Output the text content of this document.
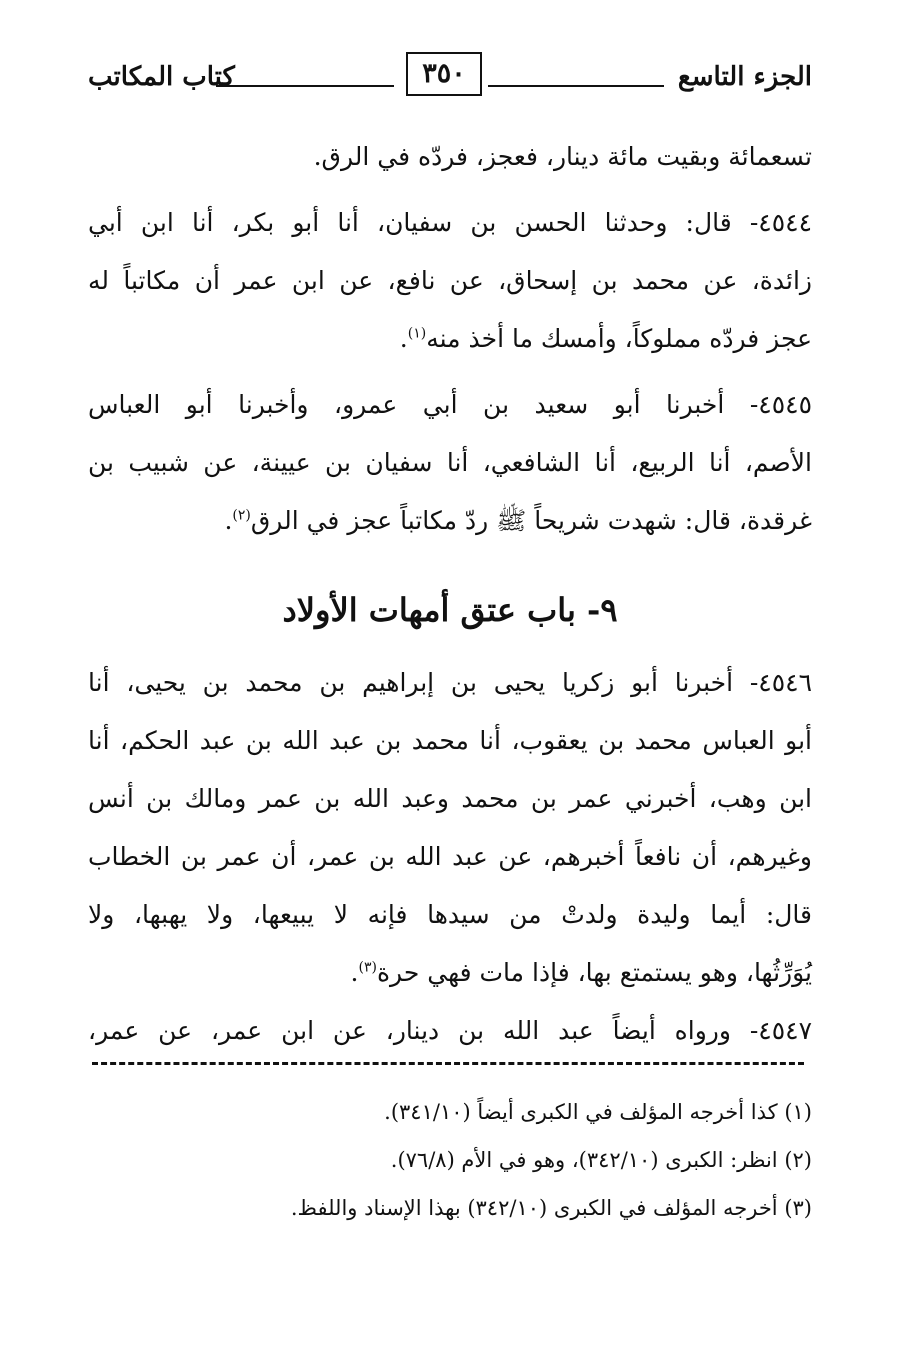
الجزء التاسع
٣٥٠
كتاب المكاتب
تسعمائة وبقيت مائة دينار، فعجز، فردّه في الرق.
٤٥٤٤- قال: وحدثنا الحسن بن سفيان، أنا أبو بكر، أنا ابن أبي
زائدة، عن محمد بن إسحاق، عن نافع، عن ابن عمر أن مكاتباً له
عجز فردّه مملوكاً، وأمسك ما أخذ منه$^{(١)}$.
٤٥٤٥- أخبرنا أبو سعيد بن أبي عمرو، وأخبرنا أبو العباس
الأصم، أنا الربيع، أنا الشافعي، أنا سفيان بن عيينة، عن شبيب بن
غرقدة، قال: شهدت شريحاً ﷺ ردّ مكاتباً عجز في الرق$^{(٢)}$.
٩- باب عتق أمهات الأولاد
٤٥٤٦- أخبرنا أبو زكريا يحيى بن إبراهيم بن محمد بن يحيى، أنا
أبو العباس محمد بن يعقوب، أنا محمد بن عبد الله بن عبد الحكم، أنا
ابن وهب، أخبرني عمر بن محمد وعبد الله بن عمر ومالك بن أنس
وغيرهم، أن نافعاً أخبرهم، عن عبد الله بن عمر، أن عمر بن الخطاب
قال: أيما وليدة ولدتْ من سيدها فإنه لا يبيعها، ولا يهبها، ولا
يُوَرِّثُها، وهو يستمتع بها، فإذا مات فهي حرة$^{(٣)}$.
٤٥٤٧- ورواه أيضاً عبد الله بن دينار، عن ابن عمر، عن عمر،
(١) كذا أخرجه المؤلف في الكبرى أيضاً (٣٤١/١٠).
(٢) انظر: الكبرى (٣٤٢/١٠)، وهو في الأم (٧٦/٨).
(٣) أخرجه المؤلف في الكبرى (٣٤٢/١٠) بهذا الإسناد واللفظ.
